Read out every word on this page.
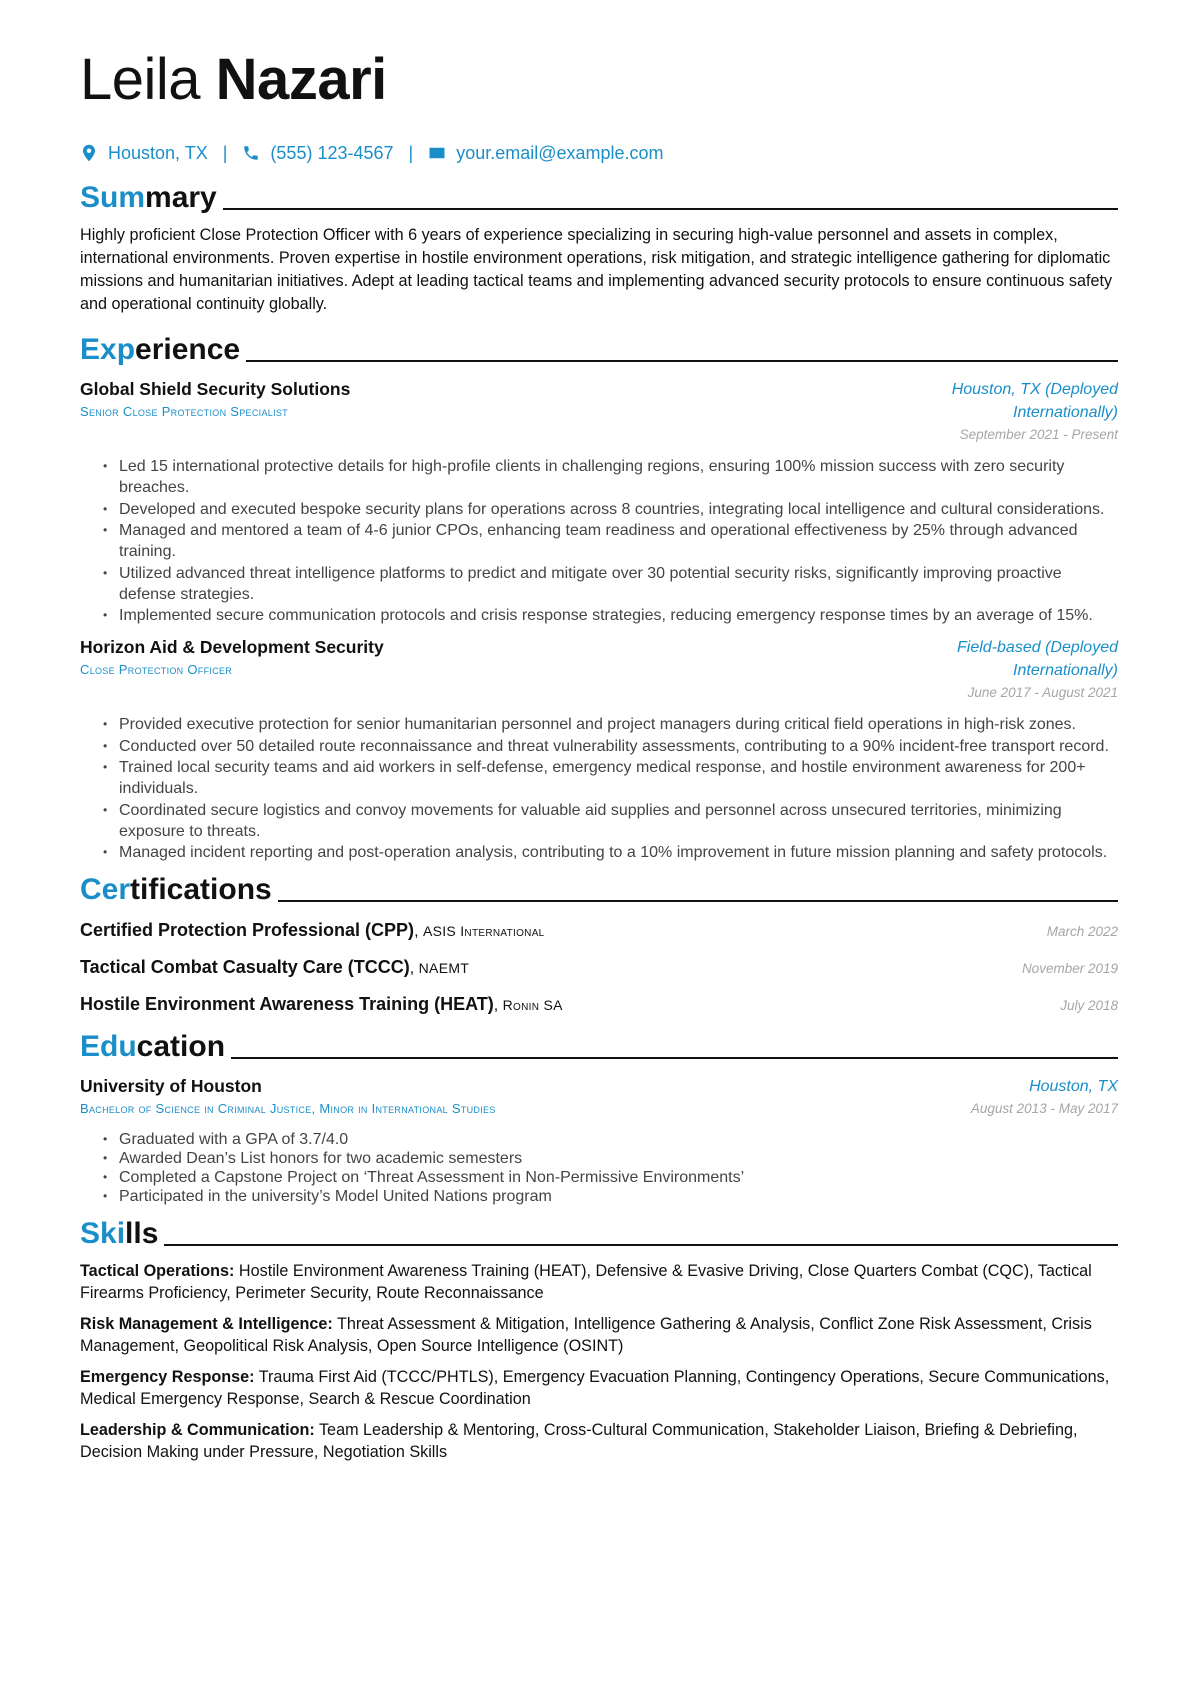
Leila Nazari
Houston, TX | (555) 123-4567 | your.email@example.com
Sum mary

Highly proficient Close Protection Officer with 6 years of experience specializing in securing high-value personnel and assets in complex, international environments. Proven expertise in hostile environment operations, risk mitigation, and strategic intelligence gathering for diplomatic missions and humanitarian initiatives. Adept at leading tactical teams and implementing advanced security protocols to ensure continuous safety and operational continuity globally.

Exp erience
Global Shield Security Solutions
Senior Close Protection Specialist
Houston, TX (Deployed Internationally)
September 2021 - Present
• Led 15 international protective details for high-profile clients in challenging regions, ensuring 100% mission success with zero security breaches.
• Developed and executed bespoke security plans for operations across 8 countries, integrating local intelligence and cultural considerations.
• Managed and mentored a team of 4-6 junior CPOs, enhancing team readiness and operational effectiveness by 25% through advanced training.
• Utilized advanced threat intelligence platforms to predict and mitigate over 30 potential security risks, significantly improving proactive defense strategies.
• Implemented secure communication protocols and crisis response strategies, reducing emergency response times by an average of 15%.
Horizon Aid & Development Security
Close Protection Officer
Field-based (Deployed Internationally)
June 2017 - August 2021
• Provided executive protection for senior humanitarian personnel and project managers during critical field operations in high-risk zones.
• Conducted over 50 detailed route reconnaissance and threat vulnerability assessments, contributing to a 90% incident-free transport record.
• Trained local security teams and aid workers in self-defense, emergency medical response, and hostile environment awareness for 200+ individuals.
• Coordinated secure logistics and convoy movements for valuable aid supplies and personnel across unsecured territories, minimizing exposure to threats.
• Managed incident reporting and post-operation analysis, contributing to a 10% improvement in future mission planning and safety protocols.
Cer tifications
Certified Protection Professional (CPP), ASIS International	March 2022
Tactical Combat Casualty Care (TCCC), NAEMT	November 2019
Hostile Environment Awareness Training (HEAT), Ronin SA	July 2018
Edu cation
University of Houston
Bachelor of Science in Criminal Justice, Minor in International Studies
Houston, TX
August 2013 - May 2017
• Graduated with a GPA of 3.7/4.0
• Awarded Dean’s List honors for two academic semesters
• Completed a Capstone Project on ‘Threat Assessment in Non-Permissive Environments’
• Participated in the university’s Model United Nations program
Ski lls

Tactical Operations: Hostile Environment Awareness Training (HEAT), Defensive & Evasive Driving, Close Quarters Combat (CQC), Tactical Firearms Proficiency, Perimeter Security, Route Reconnaissance

Risk Management & Intelligence: Threat Assessment & Mitigation, Intelligence Gathering & Analysis, Conflict Zone Risk Assessment, Crisis Management, Geopolitical Risk Analysis, Open Source Intelligence (OSINT)

Emergency Response: Trauma First Aid (TCCC/PHTLS), Emergency Evacuation Planning, Contingency Operations, Secure Communications, Medical Emergency Response, Search & Rescue Coordination

Leadership & Communication: Team Leadership & Mentoring, Cross-Cultural Communication, Stakeholder Liaison, Briefing & Debriefing, Decision Making under Pressure, Negotiation Skills
